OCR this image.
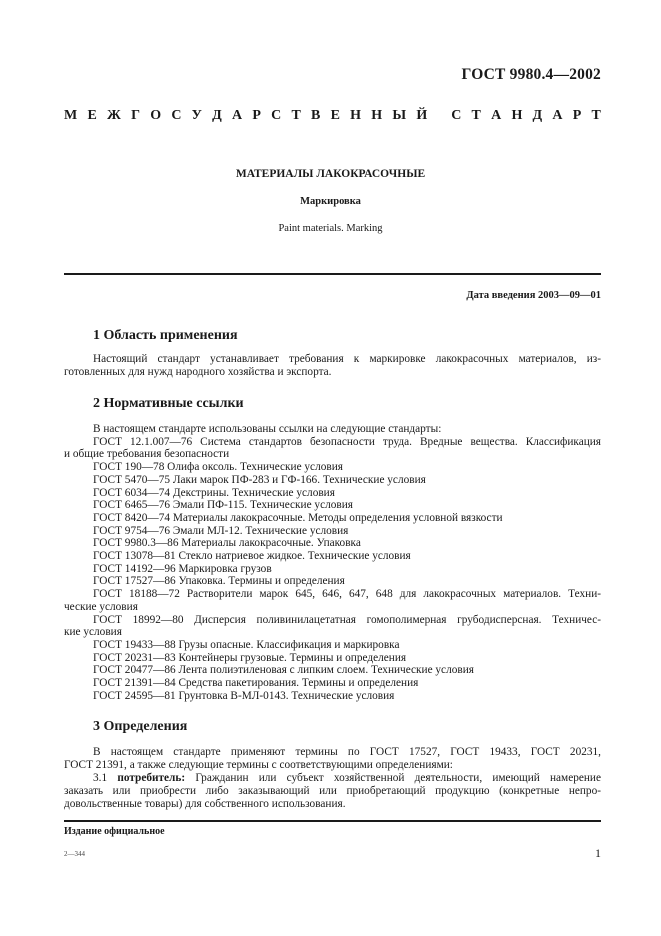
ГОСТ 9980.4—2002
М Е Ж Г О С У Д А Р С Т В Е Н Н Ы Й
С Т А Н Д А Р Т
МАТЕРИАЛЫ ЛАКОКРАСОЧНЫЕ
Маркировка
Paint materials. Marking
Дата введения 2003—09—01
1 Область применения
Настоящий стандарт устанавливает требования к маркировке лакокрасочных материалов, из-
готовленных для нужд народного хозяйства и экспорта.
2 Нормативные ссылки
В настоящем стандарте использованы ссылки на следующие стандарты:
ГОСТ 12.1.007—76 Система стандартов безопасности труда. Вредные вещества. Классификация
и общие требования безопасности
ГОСТ 190—78 Олифа оксоль. Технические условия
ГОСТ 5470—75 Лаки марок ПФ-283 и ГФ-166. Технические условия
ГОСТ 6034—74 Декстрины. Технические условия
ГОСТ 6465—76 Эмали ПФ-115. Технические условия
ГОСТ 8420—74 Материалы лакокрасочные. Методы определения условной вязкости
ГОСТ 9754—76 Эмали МЛ-12. Технические условия
ГОСТ 9980.3—86 Материалы лакокрасочные. Упаковка
ГОСТ 13078—81 Стекло натриевое жидкое. Технические условия
ГОСТ 14192—96 Маркировка грузов
ГОСТ 17527—86 Упаковка. Термины и определения
ГОСТ 18188—72 Растворители марок 645, 646, 647, 648 для лакокрасочных материалов. Техни-
ческие условия
ГОСТ 18992—80 Дисперсия поливинилацетатная гомополимерная грубодисперсная. Техничес-
кие условия
ГОСТ 19433—88 Грузы опасные. Классификация и маркировка
ГОСТ 20231—83 Контейнеры грузовые. Термины и определения
ГОСТ 20477—86 Лента полиэтиленовая с липким слоем. Технические условия
ГОСТ 21391—84 Средства пакетирования. Термины и определения
ГОСТ 24595—81 Грунтовка В-МЛ-0143. Технические условия
3 Определения
В настоящем стандарте применяют термины по ГОСТ 17527, ГОСТ 19433, ГОСТ 20231,
ГОСТ 21391, а также следующие термины с соответствующими определениями:
3.1 потребитель: Гражданин или субъект хозяйственной деятельности, имеющий намерение
заказать или приобрести либо заказывающий или приобретающий продукцию (конкретные непро-
довольственные товары) для собственного использования.
Издание официальное
2—344	1
